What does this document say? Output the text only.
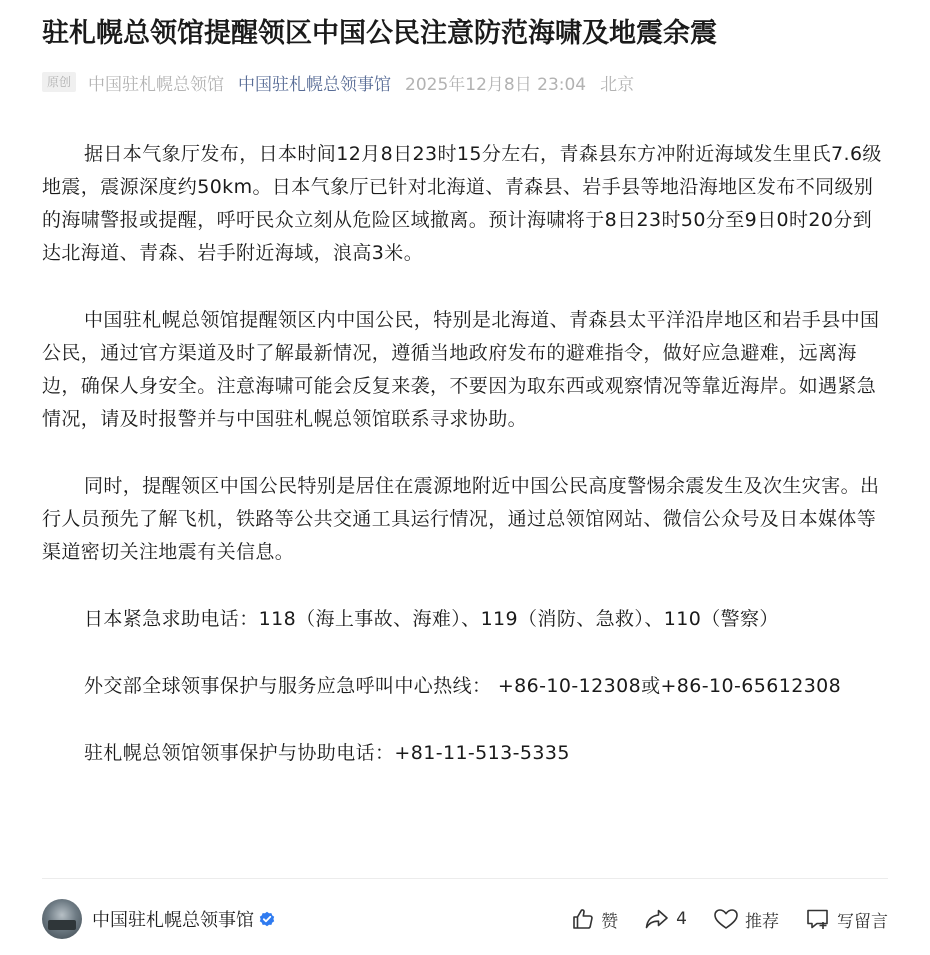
驻札幌总领馆提醒领区中国公民注意防范海啸及地震余震
原创 中国驻札幌总领馆 中国驻札幌总领事馆 2025年12月8日 23:04 北京

据日本气象厅发布，日本时间12月8日23时15分左右，青森县东方冲附近海域发生里氏7.6级地震，震源深度约50km。日本气象厅已针对北海道、青森县、岩手县等地沿海地区发布不同级别的海啸警报或提醒，呼吁民众立刻从危险区域撤离。预计海啸将于8日23时50分至9日0时20分到达北海道、青森、岩手附近海域，浪高3米。

中国驻札幌总领馆提醒领区内中国公民，特别是北海道、青森县太平洋沿岸地区和岩手县中国公民，通过官方渠道及时了解最新情况，遵循当地政府发布的避难指令，做好应急避难，远离海边，确保人身安全。注意海啸可能会反复来袭，不要因为取东西或观察情况等靠近海岸。如遇紧急情况，请及时报警并与中国驻札幌总领馆联系寻求协助。

同时，提醒领区中国公民特别是居住在震源地附近中国公民高度警惕余震发生及次生灾害。出行人员预先了解飞机，铁路等公共交通工具运行情况，通过总领馆网站、微信公众号及日本媒体等渠道密切关注地震有关信息。

日本紧急求助电话：118（海上事故、海难）、119（消防、急救）、110（警察）

外交部全球领事保护与服务应急呼叫中心热线： +86-10-12308或+86-10-65612308

驻札幌总领馆领事保护与协助电话：+81-11-513-5335

中国驻札幌总领事馆	赞	4	推荐	写留言
